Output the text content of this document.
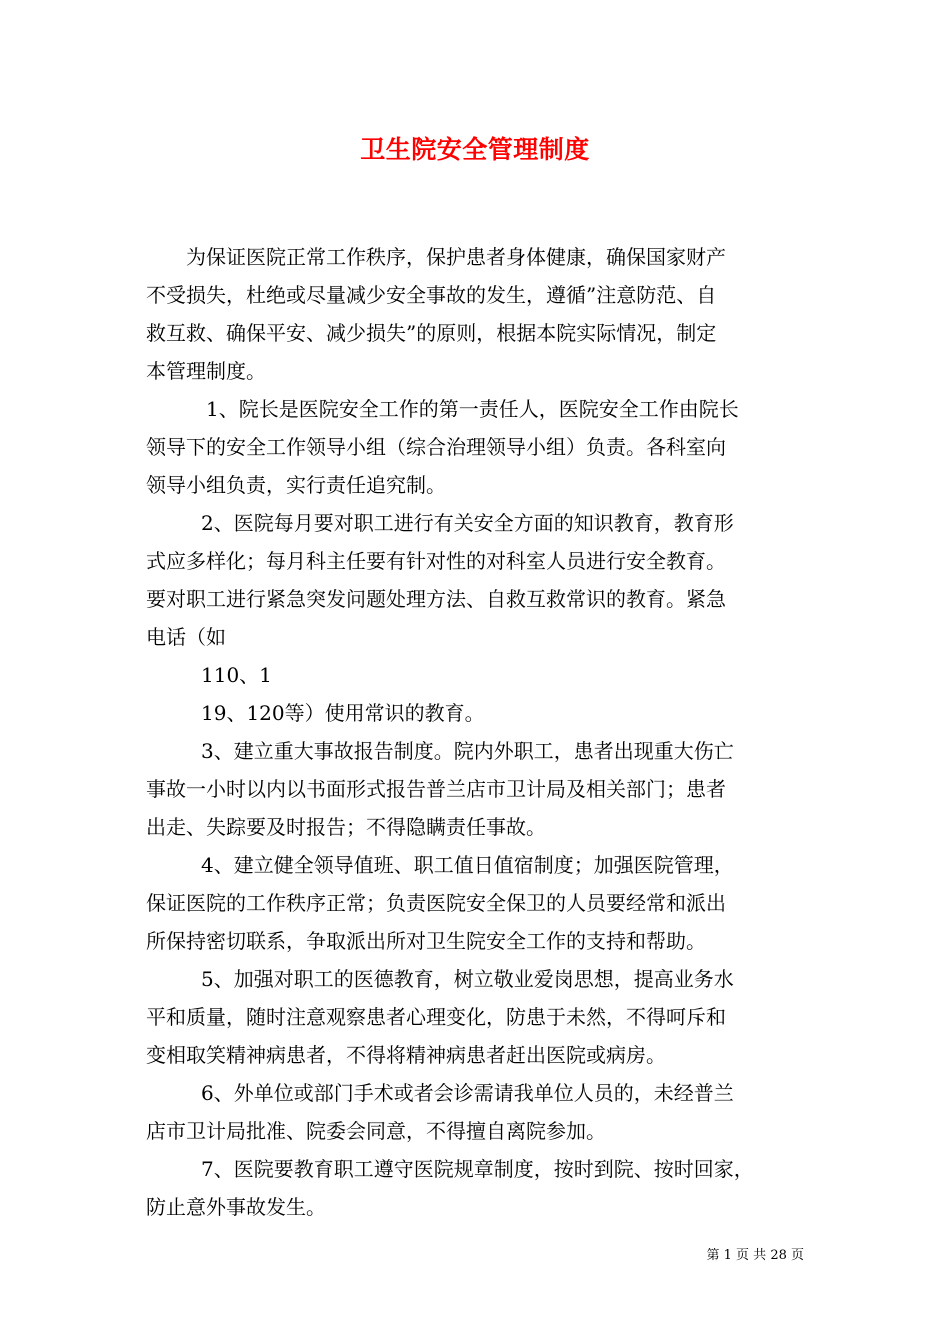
卫生院安全管理制度
为保证医院正常工作秩序，保护患者身体健康，确保国家财产
不受损失，杜绝或尽量减少安全事故的发生，遵循”注意防范、自
救互救、确保平安、减少损失”的原则，根据本院实际情况，制定
本管理制度。
1、院长是医院安全工作的第一责任人，医院安全工作由院长
领导下的安全工作领导小组（综合治理领导小组）负责。各科室向
领导小组负责，实行责任追究制。
2、医院每月要对职工进行有关安全方面的知识教育，教育形
式应多样化；每月科主任要有针对性的对科室人员进行安全教育。
要对职工进行紧急突发问题处理方法、自救互救常识的教育。紧急
电话（如
110、1
19、120等）使用常识的教育。
3、建立重大事故报告制度。院内外职工，患者出现重大伤亡
事故一小时以内以书面形式报告普兰店市卫计局及相关部门；患者
出走、失踪要及时报告；不得隐瞒责任事故。
4、建立健全领导值班、职工值日值宿制度；加强医院管理，
保证医院的工作秩序正常；负责医院安全保卫的人员要经常和派出
所保持密切联系，争取派出所对卫生院安全工作的支持和帮助。
5、加强对职工的医德教育，树立敬业爱岗思想，提高业务水
平和质量，随时注意观察患者心理变化，防患于未然，不得呵斥和
变相取笑精神病患者，不得将精神病患者赶出医院或病房。
6、外单位或部门手术或者会诊需请我单位人员的，未经普兰
店市卫计局批准、院委会同意，不得擅自离院参加。
7、医院要教育职工遵守医院规章制度，按时到院、按时回家，
防止意外事故发生。
第 1 页 共 28 页
